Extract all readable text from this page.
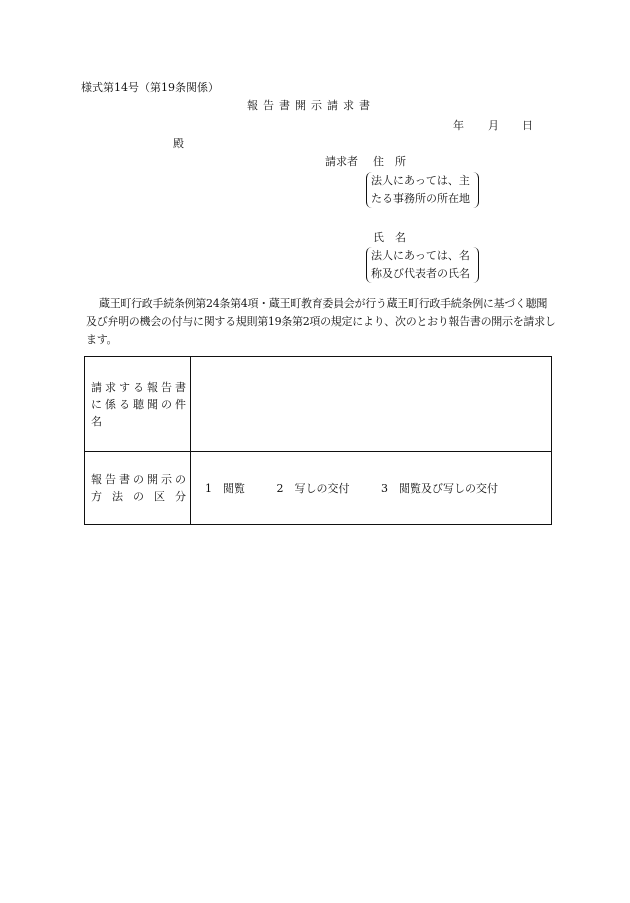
様式第14号（第19条関係）
報告書開示請求書
年 月 日
殿
請求者 住　所
法人にあっては、主
たる事務所の所在地
氏　名
法人にあっては、名
称及び代表者の氏名
蔵王町行政手続条例第24条第4項・蔵王町教育委員会が行う蔵王町行政手続条例に基づく聴聞及び弁明の機会の付与に関する規則第19条第2項の規定により、次のとおり報告書の開示を請求します。
請求する報告書
に係る聴聞の件
名	

報告書の開示の
方法の区分	1　閲覧 2　写しの交付 3　閲覧及び写しの交付
